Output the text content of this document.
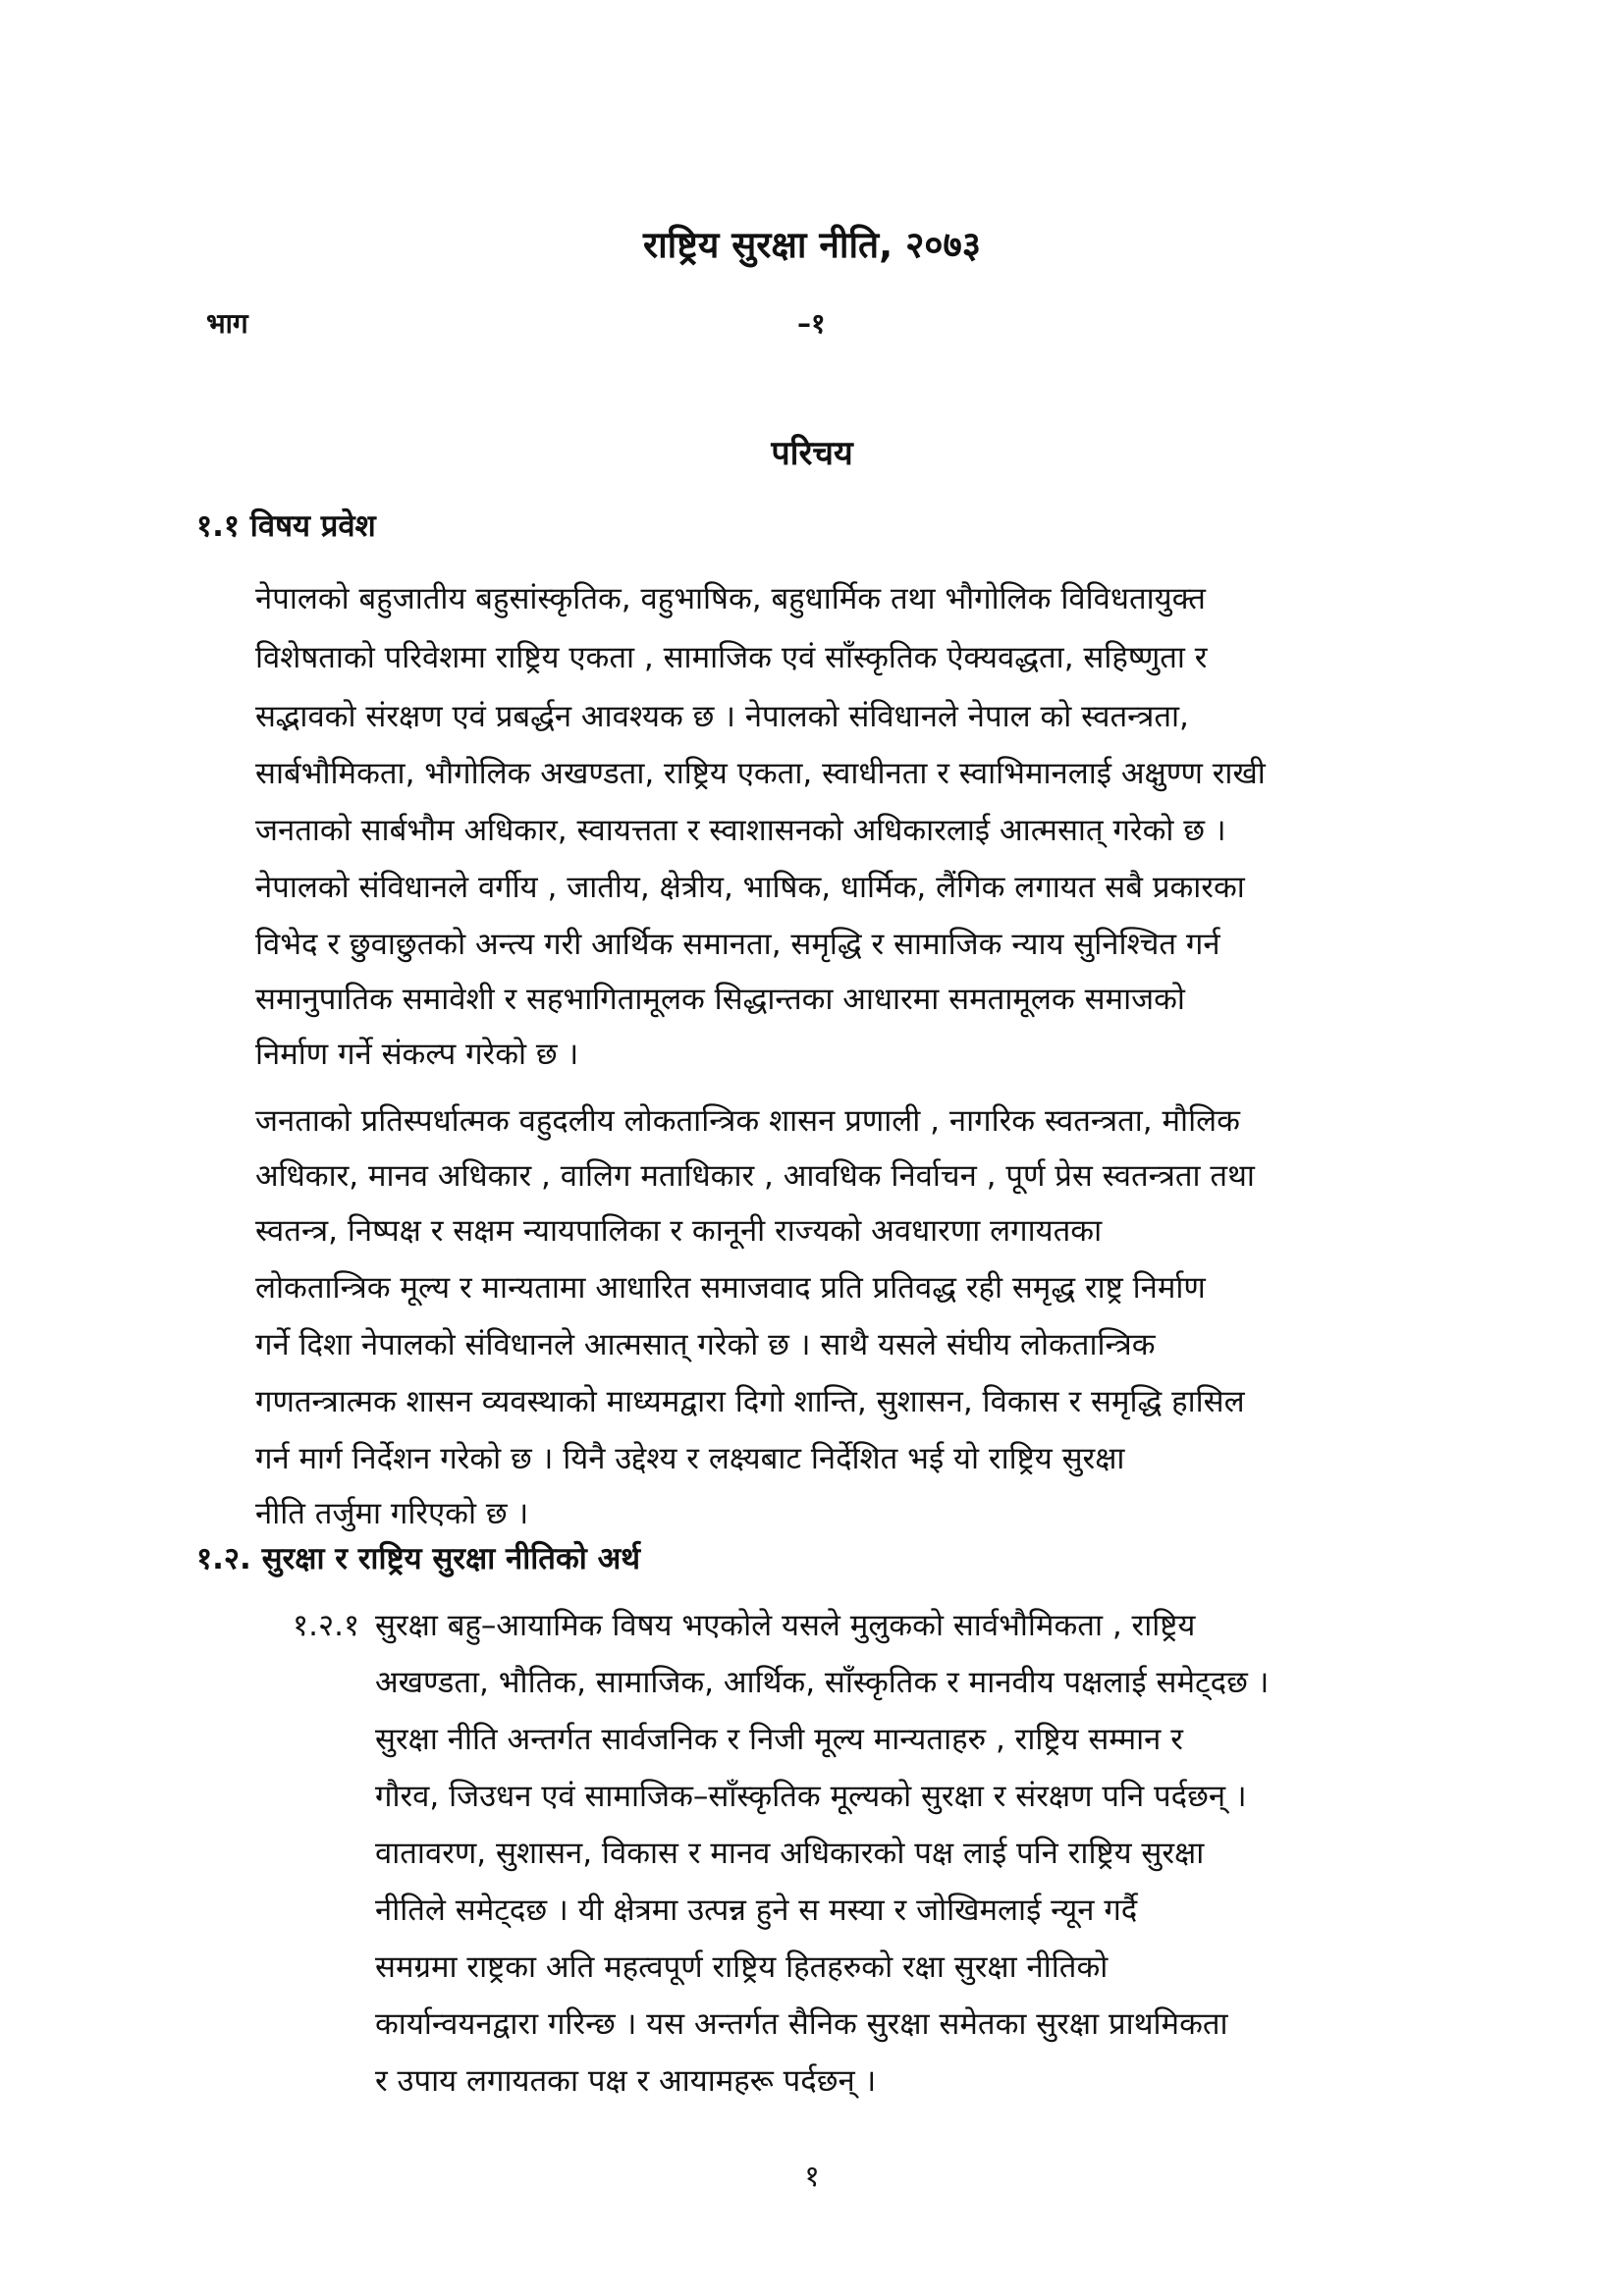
राष्ट्रिय सुरक्षा नीति, २०७३
भाग	–१
परिचय
१.१ विषय प्रवेश
नेपालको बहुजातीय बहुसांस्कृतिक, वहुभाषिक, बहुधार्मिक तथा भौगोलिक विविधतायुक्त
विशेषताको परिवेशमा राष्ट्रिय एकता , सामाजिक एवं साँस्कृतिक ऐक्यवद्धता, सहिष्णुता र
सद्भावको संरक्षण एवं प्रबर्द्धन आवश्यक छ । नेपालको संविधानले नेपाल को स्वतन्त्रता,
सार्बभौमिकता, भौगोलिक अखण्डता, राष्ट्रिय एकता, स्वाधीनता र स्वाभिमानलाई अक्षुण्ण राखी
जनताको सार्बभौम अधिकार, स्वायत्तता र स्वाशासनको अधिकारलाई आत्मसात् गरेको छ ।
नेपालको संविधानले वर्गीय , जातीय, क्षेत्रीय, भाषिक, धार्मिक, लैंगिक लगायत सबै प्रकारका
विभेद र छुवाछुतको अन्त्य गरी आर्थिक समानता, समृद्धि र सामाजिक न्याय सुनिश्चित गर्न
समानुपातिक समावेशी र सहभागितामूलक सिद्धान्तका आधारमा समतामूलक समाजको
निर्माण गर्ने संकल्प गरेको छ ।
जनताको प्रतिस्पर्धात्मक वहुदलीय लोकतान्त्रिक शासन प्रणाली , नागरिक स्वतन्त्रता, मौलिक
अधिकार, मानव अधिकार , वालिग मताधिकार , आवधिक निर्वाचन , पूर्ण प्रेस स्वतन्त्रता तथा
स्वतन्त्र, निष्पक्ष र सक्षम न्यायपालिका र कानूनी राज्यको अवधारणा लगायतका
लोकतान्त्रिक मूल्य र मान्यतामा आधारित समाजवाद प्रति प्रतिवद्ध रही समृद्ध राष्ट्र निर्माण
गर्ने दिशा नेपालको संविधानले आत्मसात् गरेको छ । साथै यसले संघीय लोकतान्त्रिक
गणतन्त्रात्मक शासन व्यवस्थाको माध्यमद्वारा दिगो शान्ति, सुशासन, विकास र समृद्धि हासिल
गर्न मार्ग निर्देशन गरेको छ । यिनै उद्देश्य र लक्ष्यबाट निर्देशित भई यो राष्ट्रिय सुरक्षा
नीति तर्जुमा गरिएको छ ।
१.२. सुरक्षा र राष्ट्रिय सुरक्षा नीतिको अर्थ
१.२.१ सुरक्षा बहु–आयामिक विषय भएकोले यसले मुलुकको सार्वभौमिकता , राष्ट्रिय
अखण्डता, भौतिक, सामाजिक, आर्थिक, साँस्कृतिक र मानवीय पक्षलाई समेट्दछ ।
सुरक्षा नीति अन्तर्गत सार्वजनिक र निजी मूल्य मान्यताहरु , राष्ट्रिय सम्मान र
गौरव, जिउधन एवं सामाजिक–साँस्कृतिक मूल्यको सुरक्षा र संरक्षण पनि पर्दछन् ।
वातावरण, सुशासन, विकास र मानव अधिकारको पक्ष लाई पनि राष्ट्रिय सुरक्षा
नीतिले समेट्दछ । यी क्षेत्रमा उत्पन्न हुने स मस्या र जोखिमलाई न्यून गर्दै
समग्रमा राष्ट्रका अति महत्वपूर्ण राष्ट्रिय हितहरुको रक्षा सुरक्षा नीतिको
कार्यान्वयनद्वारा गरिन्छ । यस अन्तर्गत सैनिक सुरक्षा समेतका सुरक्षा प्राथमिकता
र उपाय लगायतका पक्ष र आयामहरू पर्दछन् ।
१
